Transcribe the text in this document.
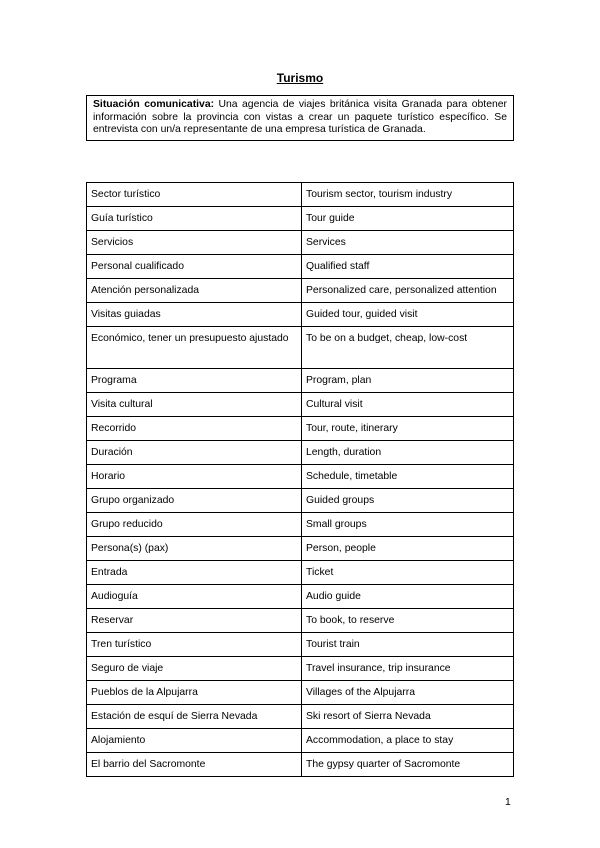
Turismo
Situación comunicativa: Una agencia de viajes británica visita Granada para obtener información sobre la provincia con vistas a crear un paquete turístico específico. Se entrevista con un/a representante de una empresa turística de Granada.
Sector turístico	Tourism sector, tourism industry
Guía turístico	Tour guide
Servicios	Services
Personal cualificado	Qualified staff
Atención personalizada	Personalized care, personalized attention
Visitas guiadas	Guided tour, guided visit
Económico, tener un presupuesto ajustado	To be on a budget, cheap, low-cost
Programa	Program, plan
Visita cultural	Cultural visit
Recorrido	Tour, route, itinerary
Duración	Length, duration
Horario	Schedule, timetable
Grupo organizado	Guided groups
Grupo reducido	Small groups
Persona(s) (pax)	Person, people
Entrada	Ticket
Audioguía	Audio guide
Reservar	To book, to reserve
Tren turístico	Tourist train
Seguro de viaje	Travel insurance, trip insurance
Pueblos de la Alpujarra	Villages of the Alpujarra
Estación de esquí de Sierra Nevada	Ski resort of Sierra Nevada
Alojamiento	Accommodation, a place to stay
El barrio del Sacromonte	The gypsy quarter of Sacromonte
1
